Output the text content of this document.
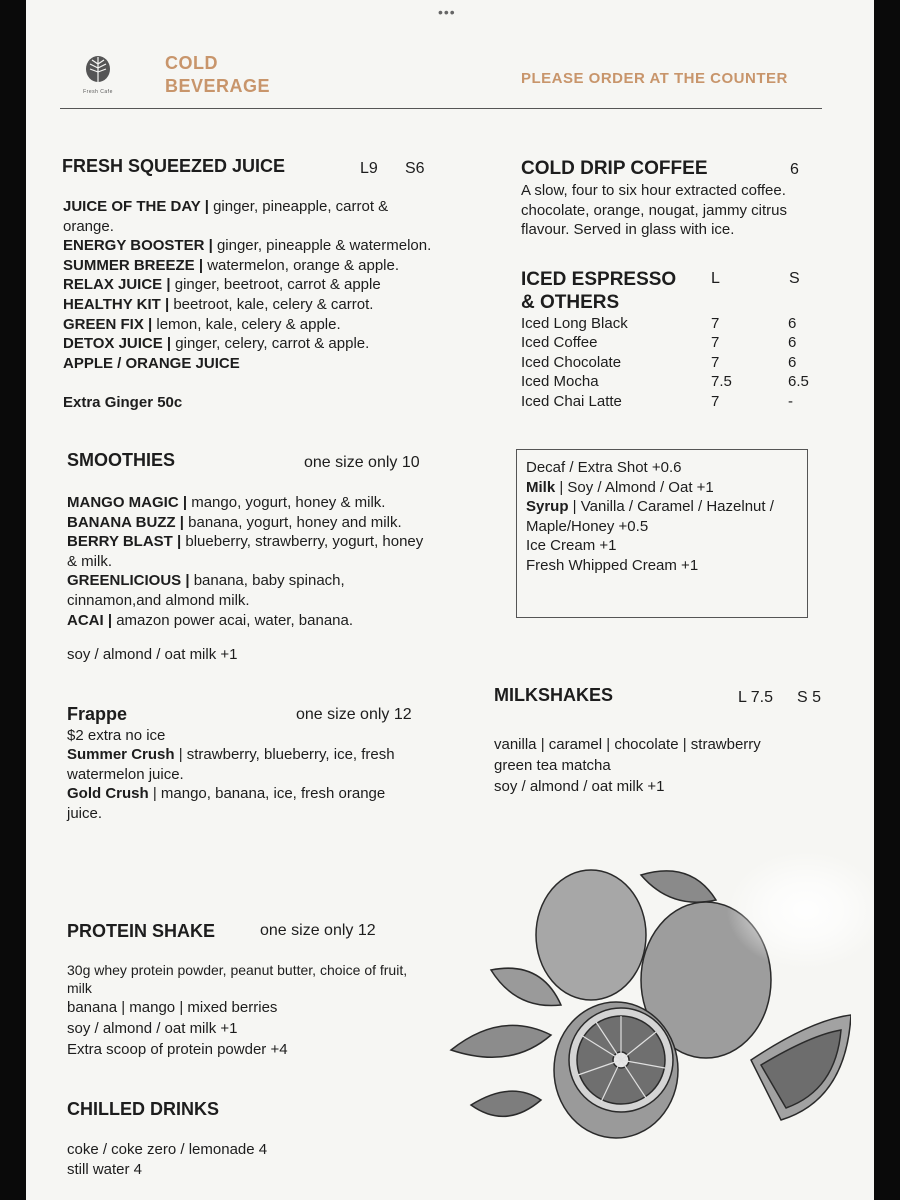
•••
Fresh Cafe
COLD
BEVERAGE	PLEASE ORDER AT THE COUNTER
FRESH SQUEEZED JUICE	L9 S6
JUICE OF THE DAY | ginger, pineapple, carrot &
orange.
ENERGY BOOSTER | ginger, pineapple & watermelon.
SUMMER BREEZE | watermelon, orange & apple.
RELAX JUICE | ginger, beetroot, carrot & apple
HEALTHY KIT | beetroot, kale, celery & carrot.
GREEN FIX | lemon, kale, celery & apple.
DETOX JUICE | ginger, celery, carrot & apple.
APPLE / ORANGE JUICE
Extra Ginger 50c
SMOOTHIES	one size only 10
MANGO MAGIC | mango, yogurt, honey & milk.
BANANA BUZZ | banana, yogurt, honey and milk.
BERRY BLAST | blueberry, strawberry, yogurt, honey
& milk.
GREENLICIOUS | banana, baby spinach,
cinnamon,and almond milk.
ACAI | amazon power acai, water, banana.
soy / almond / oat milk +1
Frappe	one size only 12
$2 extra no ice
Summer Crush | strawberry, blueberry, ice, fresh
watermelon juice.
Gold Crush | mango, banana, ice, fresh orange
juice.
PROTEIN SHAKE	one size only 12
30g whey protein powder, peanut butter, choice of fruit,
milk
banana | mango | mixed berries
soy / almond / oat milk +1
Extra scoop of protein powder +4
CHILLED DRINKS
coke / coke zero / lemonade 4
still water 4
COLD DRIP COFFEE	6
A slow, four to six hour extracted coffee.
chocolate, orange, nougat, jammy citrus
flavour. Served in glass with ice.
ICED ESPRESSO
& OTHERS
L	S
Iced Long Black	7	6
Iced Coffee	7	6
Iced Chocolate	7	6
Iced Mocha	7.5	6.5
Iced Chai Latte	7	-
Decaf / Extra Shot +0.6
Milk | Soy / Almond / Oat +1
Syrup | Vanilla / Caramel / Hazelnut /
Maple/Honey +0.5
Ice Cream +1
Fresh Whipped Cream +1
MILKSHAKES	L 7.5 S 5
vanilla | caramel | chocolate | strawberry
green tea matcha
soy / almond / oat milk +1
